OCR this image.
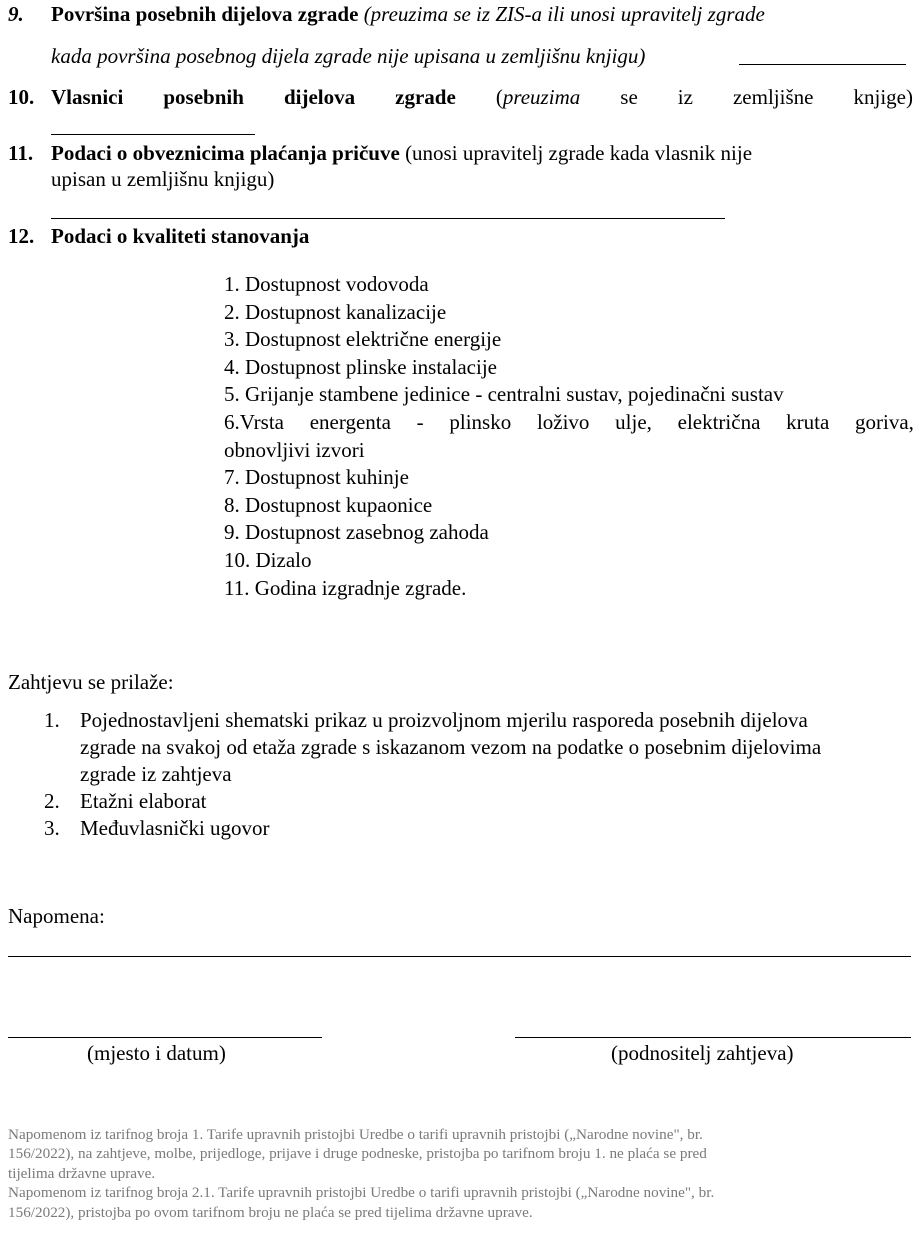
9. Površina posebnih dijelova zgrade (preuzima se iz ZIS-a ili unosi upravitelj zgrade
kada površina posebnog dijela zgrade nije upisana u zemljišnu knjigu)
10. Vlasnici posebnih dijelova zgrade (preuzima se iz zemljišne knjige)
11. Podaci o obveznicima plaćanja pričuve (unosi upravitelj zgrade kada vlasnik nije
upisan u zemljišnu knjigu)
12. Podaci o kvaliteti stanovanja
1. Dostupnost vodovoda
2. Dostupnost kanalizacije
3. Dostupnost električne energije
4. Dostupnost plinske instalacije
5. Grijanje stambene jedinice - centralni sustav, pojedinačni sustav
6.Vrsta energenta - plinsko loživo ulje, električna kruta goriva,
obnovljivi izvori
7. Dostupnost kuhinje
8. Dostupnost kupaonice
9. Dostupnost zasebnog zahoda
10. Dizalo
11. Godina izgradnje zgrade.
Zahtjevu se prilaže:
1. Pojednostavljeni shematski prikaz u proizvoljnom mjerilu rasporeda posebnih dijelova
zgrade na svakoj od etaža zgrade s iskazanom vezom na podatke o posebnim dijelovima
zgrade iz zahtjeva
2. Etažni elaborat
3. Međuvlasnički ugovor
Napomena:
(mjesto i datum)	(podnositelj zahtjeva)
Napomenom iz tarifnog broja 1. Tarife upravnih pristojbi Uredbe o tarifi upravnih pristojbi („Narodne novine", br.
156/2022), na zahtjeve, molbe, prijedloge, prijave i druge podneske, pristojba po tarifnom broju 1. ne plaća se pred
tijelima državne uprave.
Napomenom iz tarifnog broja 2.1. Tarife upravnih pristojbi Uredbe o tarifi upravnih pristojbi („Narodne novine", br.
156/2022), pristojba po ovom tarifnom broju ne plaća se pred tijelima državne uprave.
